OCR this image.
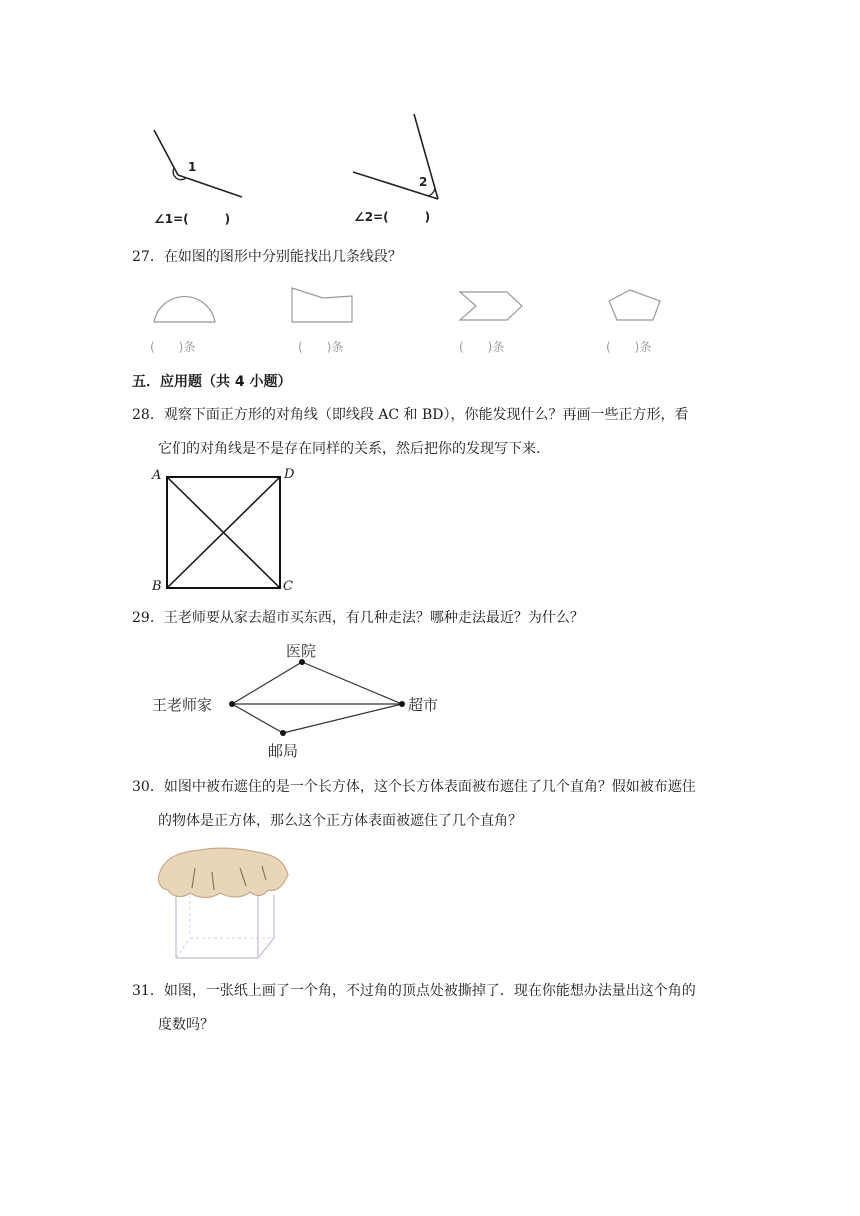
1
2
∠1=(　　　)	∠2=(　　　)
27．在如图的图形中分别能找出几条线段？
(　　)条	(　　)条	(　　)条	(　　)条
五．应用题（共 4 小题）
28．观察下面正方形的对角线（即线段 AC 和 BD），你能发现什么？再画一些正方形，看
它们的对角线是不是存在同样的关系，然后把你的发现写下来.
A	D
B	C
29．王老师要从家去超市买东西，有几种走法？哪种走法最近？为什么？
医院
王老师家	超市
邮局
30．如图中被布遮住的是一个长方体，这个长方体表面被布遮住了几个直角？假如被布遮住
的物体是正方体，那么这个正方体表面被遮住了几个直角？
31．如图，一张纸上画了一个角，不过角的顶点处被撕掉了．现在你能想办法量出这个角的
度数吗？
